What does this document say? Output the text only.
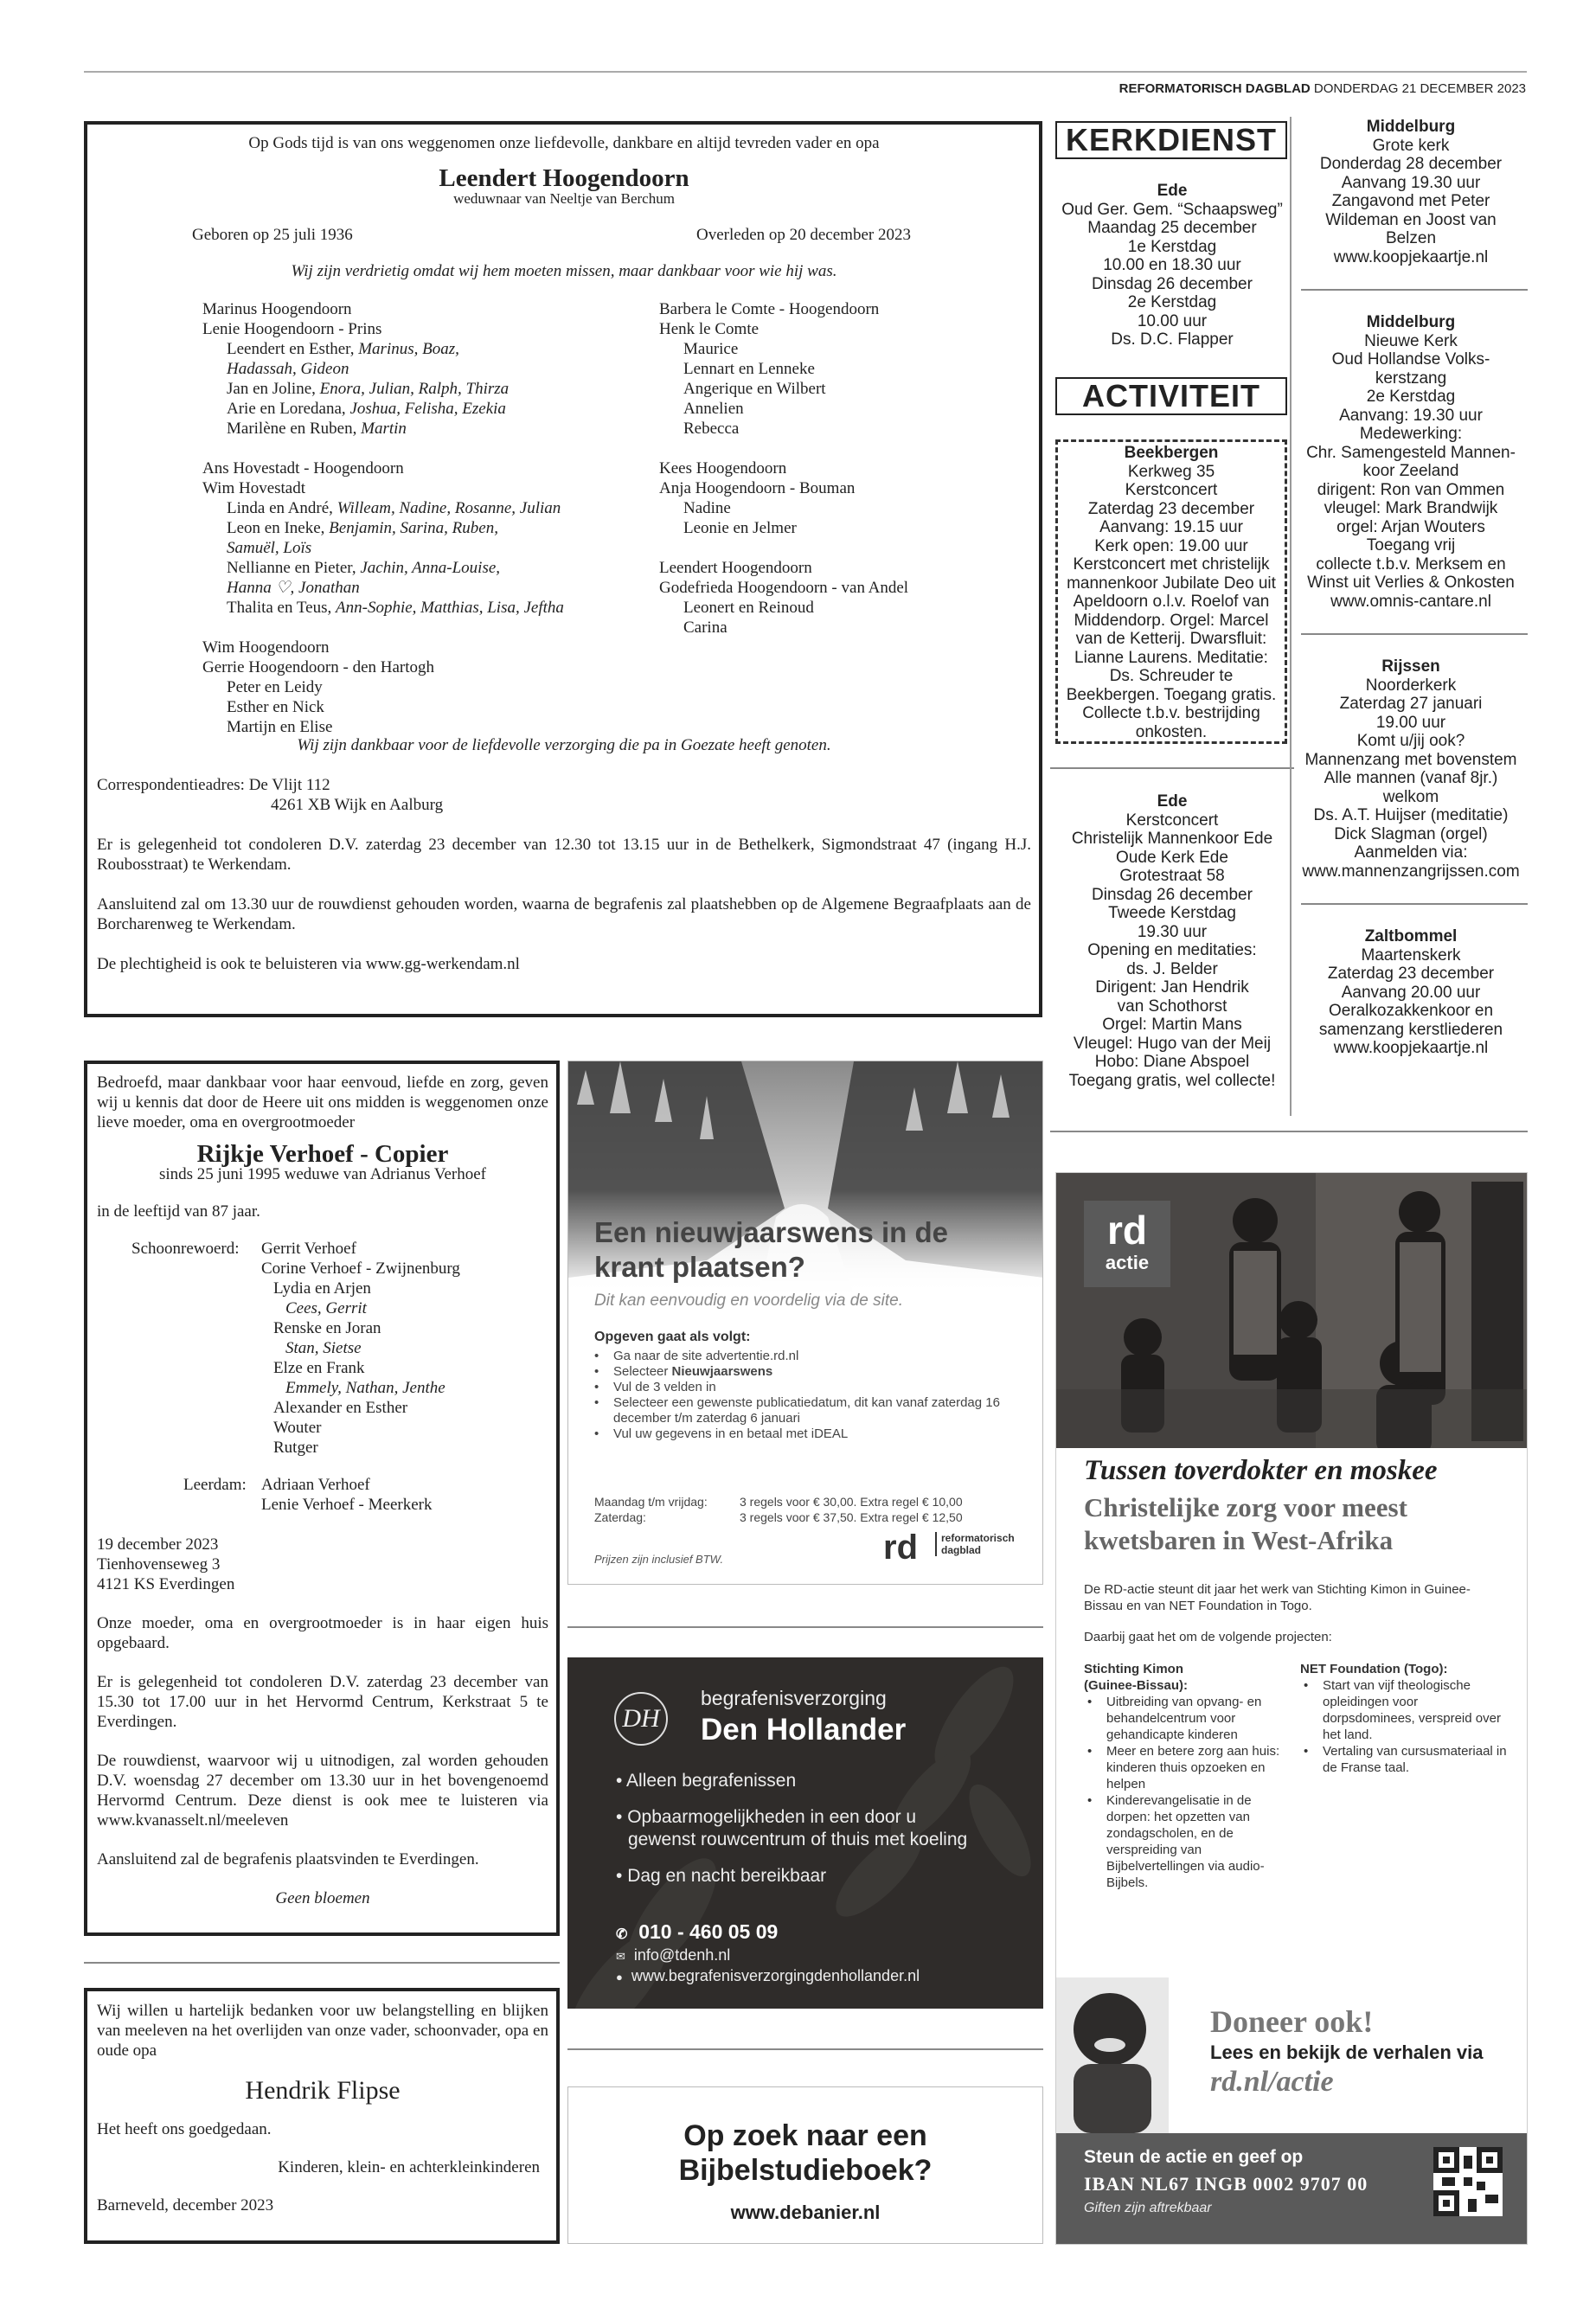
REFORMATORISCH DAGBLAD DONDERDAG 21 DECEMBER 2023

Op Gods tijd is van ons weggenomen onze liefdevolle, dankbare en altijd tevreden vader en opa

Leendert Hoogendoorn

weduwnaar van Neeltje van Berchum

Geboren op 25 juli 1936	Overleden op 20 december 2023

Wij zijn verdrietig omdat wij hem moeten missen, maar dankbaar voor wie hij was.

Marinus Hoogendoorn
Lenie Hoogendoorn - Prins
Leendert en Esther, Marinus, Boaz,
Hadassah, Gideon
Jan en Joline, Enora, Julian, Ralph, Thirza
Arie en Loredana, Joshua, Felisha, Ezekia
Marilène en Ruben, Martin
Ans Hovestadt - Hoogendoorn
Wim Hovestadt
Linda en André, Willeam, Nadine, Rosanne, Julian
Leon en Ineke, Benjamin, Sarina, Ruben,
Samuël, Loïs
Nellianne en Pieter, Jachin, Anna-Louise,
Hanna ♡, Jonathan
Thalita en Teus, Ann-Sophie, Matthias, Lisa, Jeftha
Wim Hoogendoorn
Gerrie Hoogendoorn - den Hartogh
Peter en Leidy
Esther en Nick
Martijn en Elise
Barbera le Comte - Hoogendoorn
Henk le Comte
Maurice
Lennart en Lenneke
Angerique en Wilbert
Annelien
Rebecca
Kees Hoogendoorn
Anja Hoogendoorn - Bouman
Nadine
Leonie en Jelmer
Leendert Hoogendoorn
Godefrieda Hoogendoorn - van Andel
Leonert en Reinoud
Carina

Wij zijn dankbaar voor de liefdevolle verzorging die pa in Goezate heeft genoten.

Correspondentieadres: De Vlijt 112

4261 XB Wijk en Aalburg

Er is gelegenheid tot condoleren D.V. zaterdag 23 december van 12.30 tot 13.15 uur in de Bethelkerk, Sigmondstraat 47 (ingang H.J. Roubosstraat) te Werkendam.

Aansluitend zal om 13.30 uur de rouwdienst gehouden worden, waarna de begrafenis zal plaatshebben op de Algemene Begraafplaats aan de Borcharenweg te Werkendam.

De plechtigheid is ook te beluisteren via www.gg-werkendam.nl

Bedroefd, maar dankbaar voor haar eenvoud, liefde en zorg, geven wij u kennis dat door de Heere uit ons midden is weggenomen onze lieve moeder, oma en overgrootmoeder

Rijkje Verhoef - Copier

sinds 25 juni 1995 weduwe van Adrianus Verhoef

in de leeftijd van 87 jaar.

Schoonrewoerd: Gerrit Verhoef
Corine Verhoef - Zwijnenburg
Lydia en Arjen
Cees, Gerrit
Renske en Joran
Stan, Sietse
Elze en Frank
Emmely, Nathan, Jenthe
Alexander en Esther
Wouter
Rutger
Leerdam: Adriaan Verhoef
Lenie Verhoef - Meerkerk

19 december 2023

Tienhovenseweg 3

4121 KS Everdingen

Onze moeder, oma en overgrootmoeder is in haar eigen huis opgebaard.

Er is gelegenheid tot condoleren D.V. zaterdag 23 december van 15.30 tot 17.00 uur in het Hervormd Centrum, Kerkstraat 5 te Everdingen.

De rouwdienst, waarvoor wij u uitnodigen, zal worden gehouden D.V. woensdag 27 december om 13.30 uur in het bovengenoemd Hervormd Centrum. Deze dienst is ook mee te luisteren via www.kvanasselt.nl/meeleven

Aansluitend zal de begrafenis plaatsvinden te Everdingen.

Geen bloemen

Wij willen u hartelijk bedanken voor uw belangstelling en blijken van meeleven na het overlijden van onze vader, schoonvader, opa en oude opa

Hendrik Flipse

Het heeft ons goedgedaan.

Kinderen, klein- en achterkleinkinderen

Barneveld, december 2023

KERKDIENST
Ede
Oud Ger. Gem. “Schaapsweg”
Maandag 25 december
1e Kerstdag
10.00 en 18.30 uur
Dinsdag 26 december
2e Kerstdag
10.00 uur
Ds. D.C. Flapper
ACTIVITEIT
Beekbergen
Kerkweg 35
Kerstconcert
Zaterdag 23 december
Aanvang: 19.15 uur
Kerk open: 19.00 uur
Kerstconcert met christelijk
mannenkoor Jubilate Deo uit
Apeldoorn o.l.v. Roelof van
Middendorp. Orgel: Marcel
van de Ketterij. Dwarsfluit:
Lianne Laurens. Meditatie:
Ds. Schreuder te
Beekbergen. Toegang gratis.
Collecte t.b.v. bestrijding
onkosten.
Ede
Kerstconcert
Christelijk Mannenkoor Ede
Oude Kerk Ede
Grotestraat 58
Dinsdag 26 december
Tweede Kerstdag
19.30 uur
Opening en meditaties:
ds. J. Belder
Dirigent: Jan Hendrik
van Schothorst
Orgel: Martin Mans
Vleugel: Hugo van der Meij
Hobo: Diane Abspoel
Toegang gratis, wel collecte!
Middelburg
Grote kerk
Donderdag 28 december
Aanvang 19.30 uur
Zangavond met Peter
Wildeman en Joost van
Belzen
www.koopjekaartje.nl
Middelburg
Nieuwe Kerk
Oud Hollandse Volks-
kerstzang
2e Kerstdag
Aanvang: 19.30 uur
Medewerking:
Chr. Samengesteld Mannen-
koor Zeeland
dirigent: Ron van Ommen
vleugel: Mark Brandwijk
orgel: Arjan Wouters
Toegang vrij
collecte t.b.v. Merksem en
Winst uit Verlies & Onkosten
www.omnis-cantare.nl
Rijssen
Noorderkerk
Zaterdag 27 januari
19.00 uur
Komt u/jij ook?
Mannenzang met bovenstem
Alle mannen (vanaf 8jr.)
welkom
Ds. A.T. Huijser (meditatie)
Dick Slagman (orgel)
Aanmelden via:
www.mannenzangrijssen.com
Zaltbommel
Maartenskerk
Zaterdag 23 december
Aanvang 20.00 uur
Oeralkozakkenkoor en
samenzang kerstliederen
www.koopjekaartje.nl
Een nieuwjaarswens in de
krant plaatsen?
Dit kan eenvoudig en voordelig via de site.
Opgeven gaat als volgt:
• Ga naar de site advertentie.rd.nl
• Selecteer Nieuwjaarswens
• Vul de 3 velden in
• Selecteer een gewenste publicatiedatum, dit kan vanaf zaterdag 16 december t/m zaterdag 6 januari
• Vul uw gegevens in en betaal met iDEAL
Maandag t/m vrijdag:	3 regels voor € 30,00. Extra regel € 10,00
Zaterdag:	3 regels voor € 37,50. Extra regel € 12,50
Prijzen zijn inclusief BTW.	rd	reformatorisch
dagblad
DH
begrafenisverzorging
Den Hollander
• Alleen begrafenissen
• Opbaarmogelijkheden in een door u
gewenst rouwcentrum of thuis met koeling
• Dag en nacht bereikbaar
✆ 010 - 460 05 09
✉ info@tdenh.nl
● www.begrafenisverzorgingdenhollander.nl
Op zoek naar een
Bijbelstudieboek?
www.debanier.nl
rd
actie
Tussen toverdokter en moskee
Christelijke zorg voor meest
kwetsbaren in West-Afrika
De RD-actie steunt dit jaar het werk van Stichting Kimon in Guinee-Bissau en van NET Foundation in Togo.
Daarbij gaat het om de volgende projecten:
Stichting Kimon
(Guinee-Bissau):
• Uitbreiding van opvang- en behandelcentrum voor gehandicapte kinderen
• Meer en betere zorg aan huis: kinderen thuis opzoeken en helpen
• Kinderevangelisatie in de dorpen: het opzetten van zondagscholen, en de verspreiding van Bijbelvertellingen via audio-Bijbels.
NET Foundation (Togo):
• Start van vijf theologische opleidingen voor dorpsdominees, verspreid over het land.
• Vertaling van cursusmateriaal in de Franse taal.
Doneer ook!
Lees en bekijk de verhalen via
rd.nl/actie
Steun de actie en geef op
IBAN NL67 INGB 0002 9707 00
Giften zijn aftrekbaar
